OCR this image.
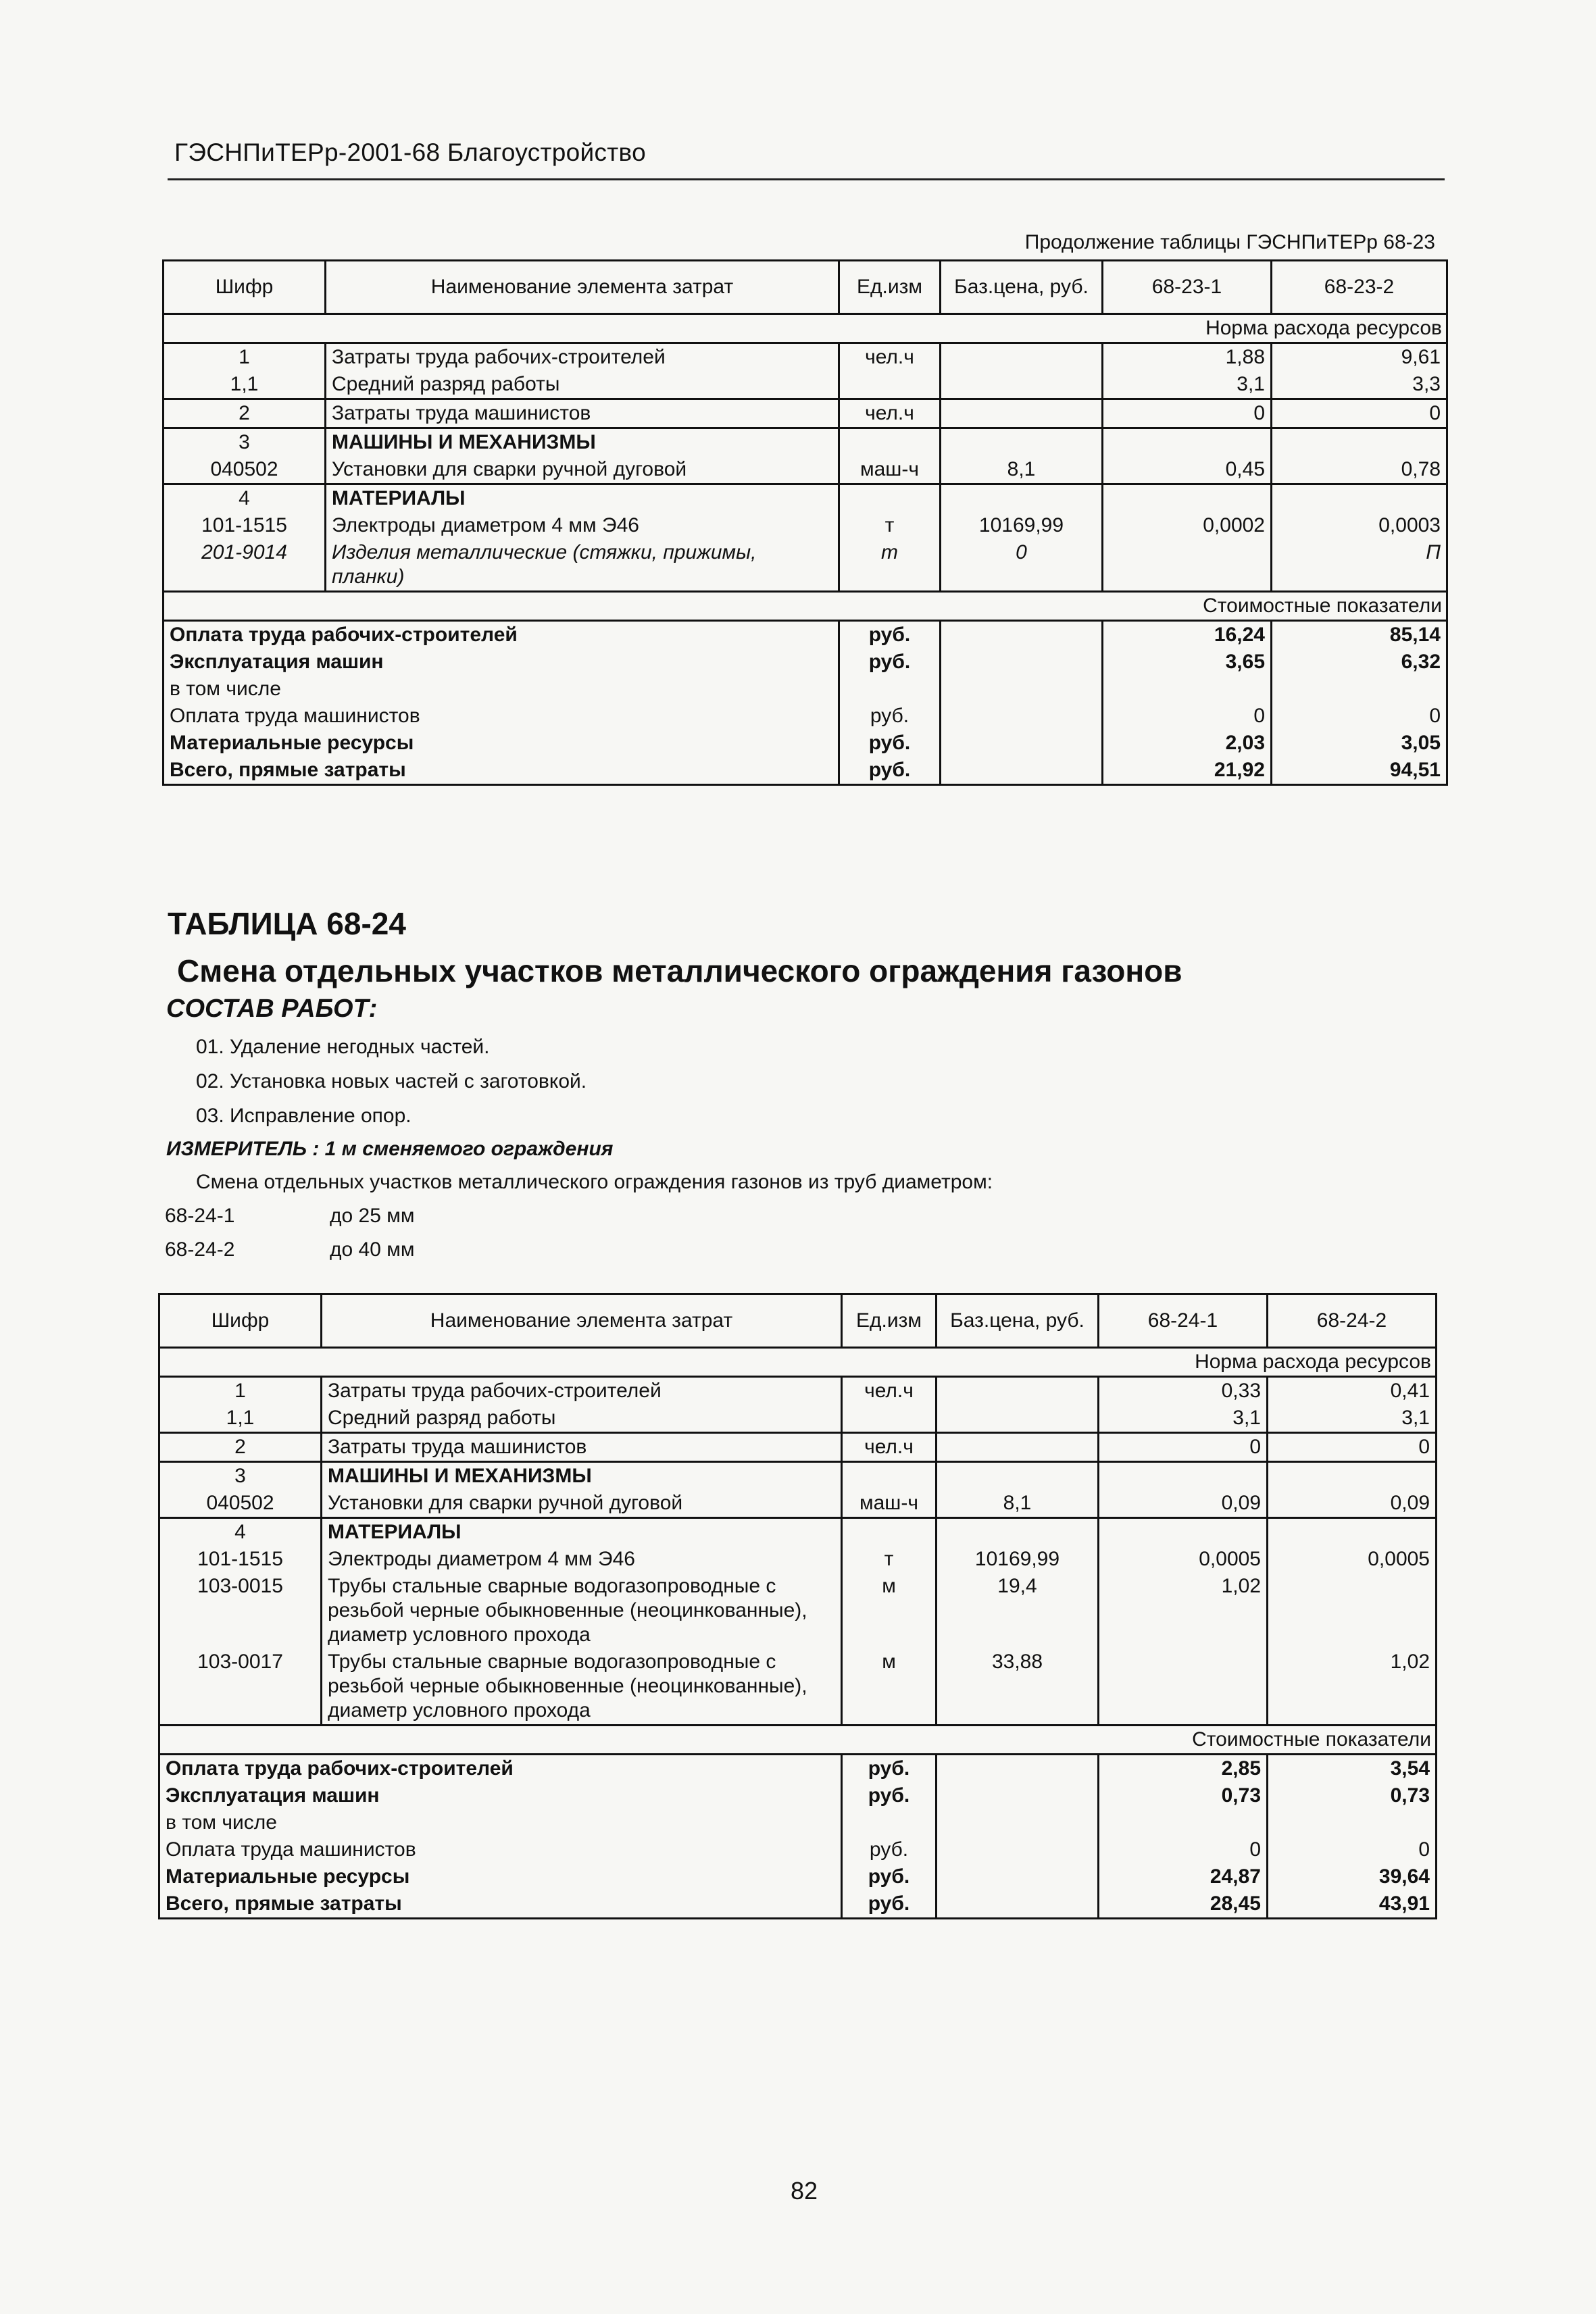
ГЭСНПиТЕРр-2001-68 Благоустройство
Продолжение таблицы ГЭСНПиТЕРр 68-23
Шифр	Наименование элемента затрат	Ед.изм	Баз.цена, руб.	68-23-1	68-23-2
Норма расхода ресурсов					
1	Затраты труда рабочих-строителей	чел.ч		1,88	9,61
1,1	Средний разряд работы			3,1	3,3
2	Затраты труда машинистов	чел.ч		0	0
3	МАШИНЫ И МЕХАНИЗМЫ				
040502	Установки для сварки ручной дуговой	маш-ч	8,1	0,45	0,78
4	МАТЕРИАЛЫ				
101-1515	Электроды диаметром 4 мм Э46	т	10169,99	0,0002	0,0003
201-9014	Изделия металлические (стяжки, прижимы, планки)	т	0		П
Стоимостные показатели					
Оплата труда рабочих-строителей		руб.		16,24	85,14
Эксплуатация машин		руб.		3,65	6,32
в том числе					
Оплата труда машинистов		руб.		0	0
Материальные ресурсы		руб.		2,03	3,05
Всего, прямые затраты		руб.		21,92	94,51
ТАБЛИЦА 68-24
Смена отдельных участков металлического ограждения газонов
СОСТАВ РАБОТ:
01. Удаление негодных частей.
02. Установка новых частей с заготовкой.
03. Исправление опор.
ИЗМЕРИТЕЛЬ : 1 м сменяемого ограждения
Смена отдельных участков металлического ограждения газонов из труб диаметром:
68-24-1	до 25 мм
68-24-2	до 40 мм
Шифр	Наименование элемента затрат	Ед.изм	Баз.цена, руб.	68-24-1	68-24-2
Норма расхода ресурсов					
1	Затраты труда рабочих-строителей	чел.ч		0,33	0,41
1,1	Средний разряд работы			3,1	3,1
2	Затраты труда машинистов	чел.ч		0	0
3	МАШИНЫ И МЕХАНИЗМЫ				
040502	Установки для сварки ручной дуговой	маш-ч	8,1	0,09	0,09
4	МАТЕРИАЛЫ				
101-1515	Электроды диаметром 4 мм Э46	т	10169,99	0,0005	0,0005
103-0015	Трубы стальные сварные водогазопроводные с резьбой черные обыкновенные (неоцинкованные), диаметр условного прохода	м	19,4	1,02	
103-0017	Трубы стальные сварные водогазопроводные с резьбой черные обыкновенные (неоцинкованные), диаметр условного прохода	м	33,88		1,02
Стоимостные показатели					
Оплата труда рабочих-строителей		руб.		2,85	3,54
Эксплуатация машин		руб.		0,73	0,73
в том числе					
Оплата труда машинистов		руб.		0	0
Материальные ресурсы		руб.		24,87	39,64
Всего, прямые затраты		руб.		28,45	43,91
82
